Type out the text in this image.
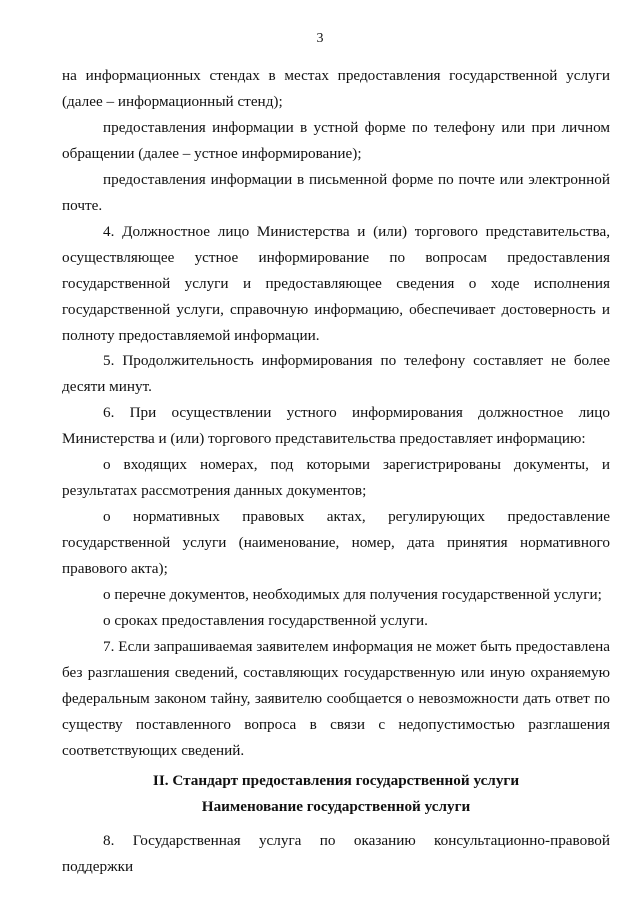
3

на информационных стендах в местах предоставления государственной услуги (далее – информационный стенд);

предоставления информации в устной форме по телефону или при личном обращении (далее – устное информирование);

предоставления информации в письменной форме по почте или электронной почте.

4. Должностное лицо Министерства и (или) торгового представительства, осуществляющее устное информирование по вопросам предоставления государственной услуги и предоставляющее сведения о ходе исполнения государственной услуги, справочную информацию, обеспечивает достоверность и полноту предоставляемой информации.

5. Продолжительность информирования по телефону составляет не более десяти минут.

6. При осуществлении устного информирования должностное лицо Министерства и (или) торгового представительства предоставляет информацию:

о входящих номерах, под которыми зарегистрированы документы, и результатах рассмотрения данных документов;

о нормативных правовых актах, регулирующих предоставление государственной услуги (наименование, номер, дата принятия нормативного правового акта);

о перечне документов, необходимых для получения государственной услуги;

о сроках предоставления государственной услуги.

7. Если запрашиваемая заявителем информация не может быть предоставлена без разглашения сведений, составляющих государственную или иную охраняемую федеральным законом тайну, заявителю сообщается о невозможности дать ответ по существу поставленного вопроса в связи с недопустимостью разглашения соответствующих сведений.

II. Стандарт предоставления государственной услуги

Наименование государственной услуги

8. Государственная услуга по оказанию консультационно-правовой поддержки
